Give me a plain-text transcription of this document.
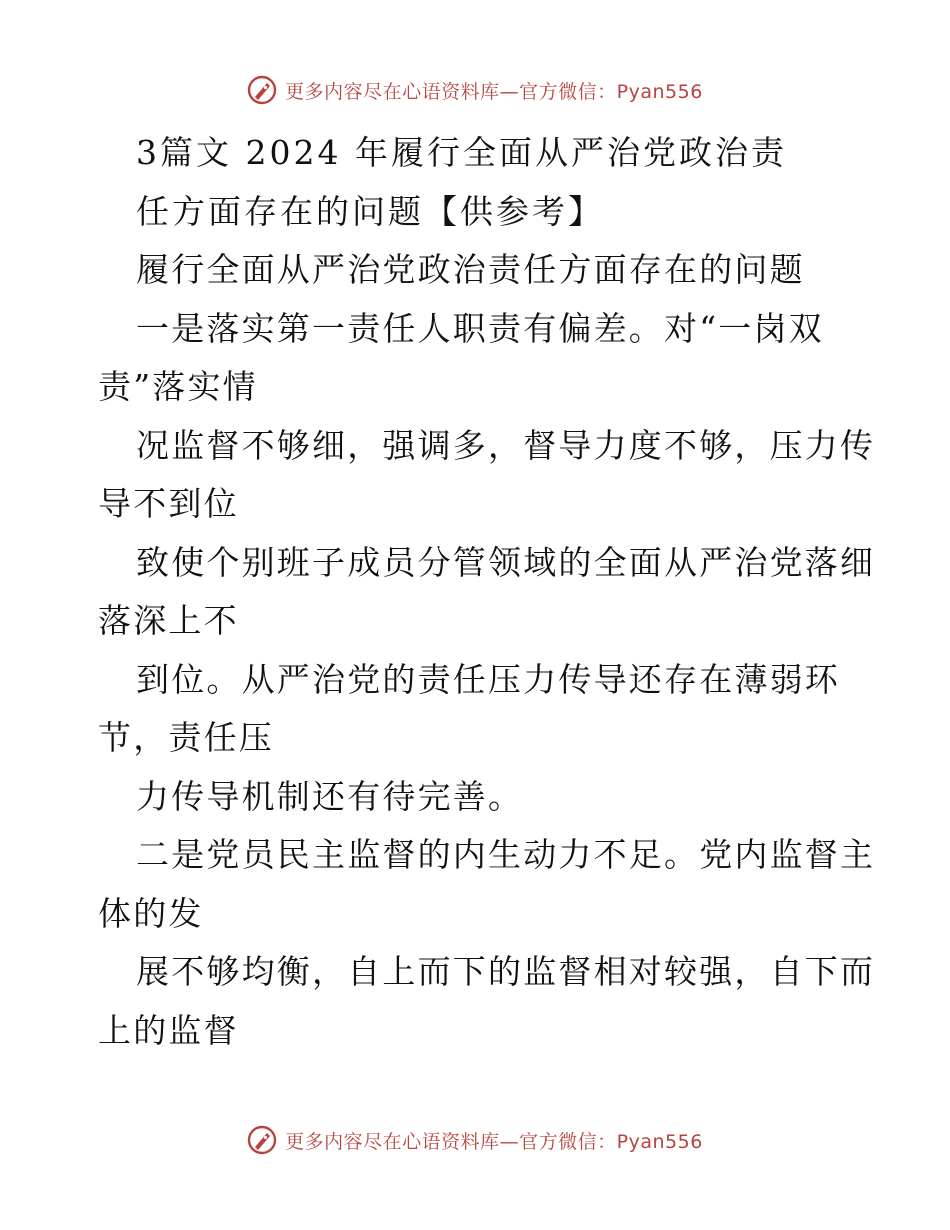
更多内容尽在心语资料库—官方微信：Pyan556
3篇文 2024 年履行全面从严治党政治责
任方面存在的问题【供参考】
履行全面从严治党政治责任方面存在的问题
一是落实第一责任人职责有偏差。对“一岗双
责”落实情
况监督不够细，强调多，督导力度不够，压力传
导不到位
致使个别班子成员分管领域的全面从严治党落细
落深上不
到位。从严治党的责任压力传导还存在薄弱环
节，责任压
力传导机制还有待完善。
二是党员民主监督的内生动力不足。党内监督主
体的发
展不够均衡，自上而下的监督相对较强，自下而
上的监督
更多内容尽在心语资料库—官方微信：Pyan556
